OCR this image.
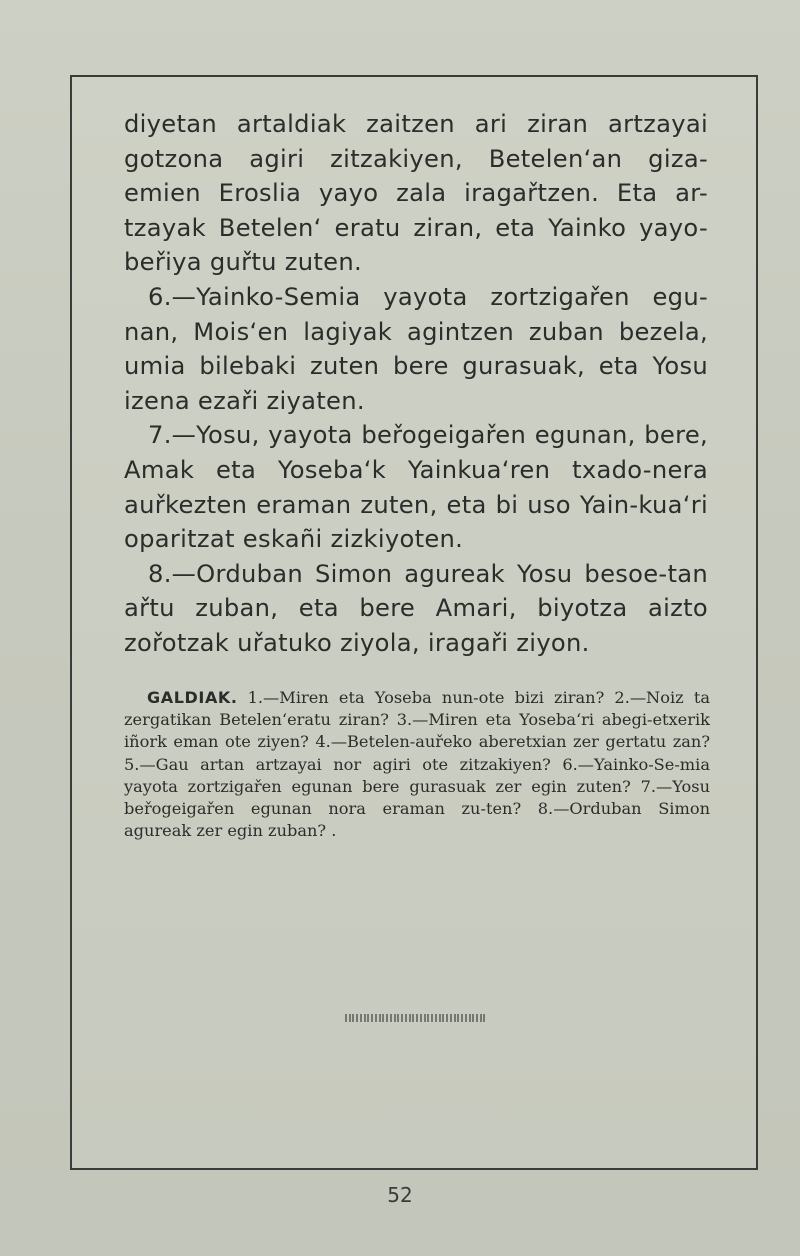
diyetan artaldiak zaitzen ari ziran artzayai gotzona agiri zitzakiyen, Betelen‘an giza-emien Eroslia yayo zala iragařtzen. Eta ar-tzayak Betelen‘ eratu ziran, eta Yainko yayo-beřiya guřtu zuten.

6.—Yainko-Semia yayota zortzigařen egu-nan, Mois‘en lagiyak agintzen zuban bezela, umia bilebaki zuten bere gurasuak, eta Yosu izena ezaři ziyaten.

7.—Yosu, yayota beřogeigařen egunan, bere, Amak eta Yoseba‘k Yainkua‘ren txado-nera auřkezten eraman zuten, eta bi uso Yain-kua‘ri oparitzat eskañi zizkiyoten.

8.—Orduban Simon agureak Yosu besoe-tan ařtu zuban, eta bere Amari, biyotza aizto zořotzak uřatuko ziyola, iragaři ziyon.

GALDIAK. 1.—Miren eta Yoseba nun-ote bizi ziran? 2.—Noiz ta zergatikan Betelen‘eratu ziran? 3.—Miren eta Yoseba‘ri abegi-etxerik iñork eman ote ziyen? 4.—Betelen-auřeko aberetxian zer gertatu zan? 5.—Gau artan artzayai nor agiri ote zitzakiyen? 6.—Yainko-Se-mia yayota zortzigařen egunan bere gurasuak zer egin zuten? 7.—Yosu beřogeigařen egunan nora eraman zu-ten? 8.—Orduban Simon agureak zer egin zuban? .

52
